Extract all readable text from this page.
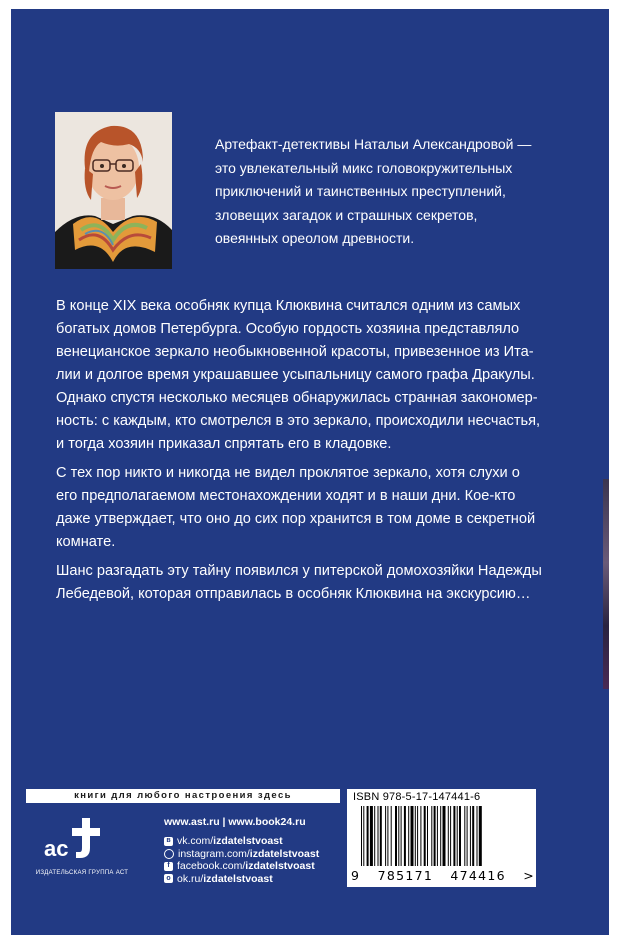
Артефакт-детективы Натальи Александровой —
это увлекательный микс головокружительных
приключений и таинственных преступлений,
зловещих загадок и страшных секретов,
овеянных ореолом древности.

В конце XIX века особняк купца Клюквина считался одним из самых
богатых домов Петербурга. Особую гордость хозяина представляло
венецианское зеркало необыкновенной красоты, привезенное из Ита-
лии и долгое время украшавшее усыпальницу самого графа Дракулы.
Однако спустя несколько месяцев обнаружилась странная закономер-
ность: с каждым, кто смотрелся в это зеркало, происходили несчастья,
и тогда хозяин приказал спрятать его в кладовке.

С тех пор никто и никогда не видел проклятое зеркало, хотя слухи о
его предполагаемом местонахождении ходят и в наши дни. Кое-кто
даже утверждает, что оно до сих пор хранится в том доме в секретной
комнате.

Шанс разгадать эту тайну появился у питерской домохозяйки Надежды
Лебедевой, которая отправилась в особняк Клюквина на экскурсию…

книги для любого настроения здесь
ас
ИЗДАТЕЛЬСКАЯ ГРУППА АСТ
www.ast.ru | www.book24.ru
в vk.com/ izdatelstvoast
instagram.com/ izdatelstvoast
f facebook.com/ izdatelstvoast
о ok.ru/ izdatelstvoast
ISBN 978-5-17-147441-6
9 785171 474416 >
